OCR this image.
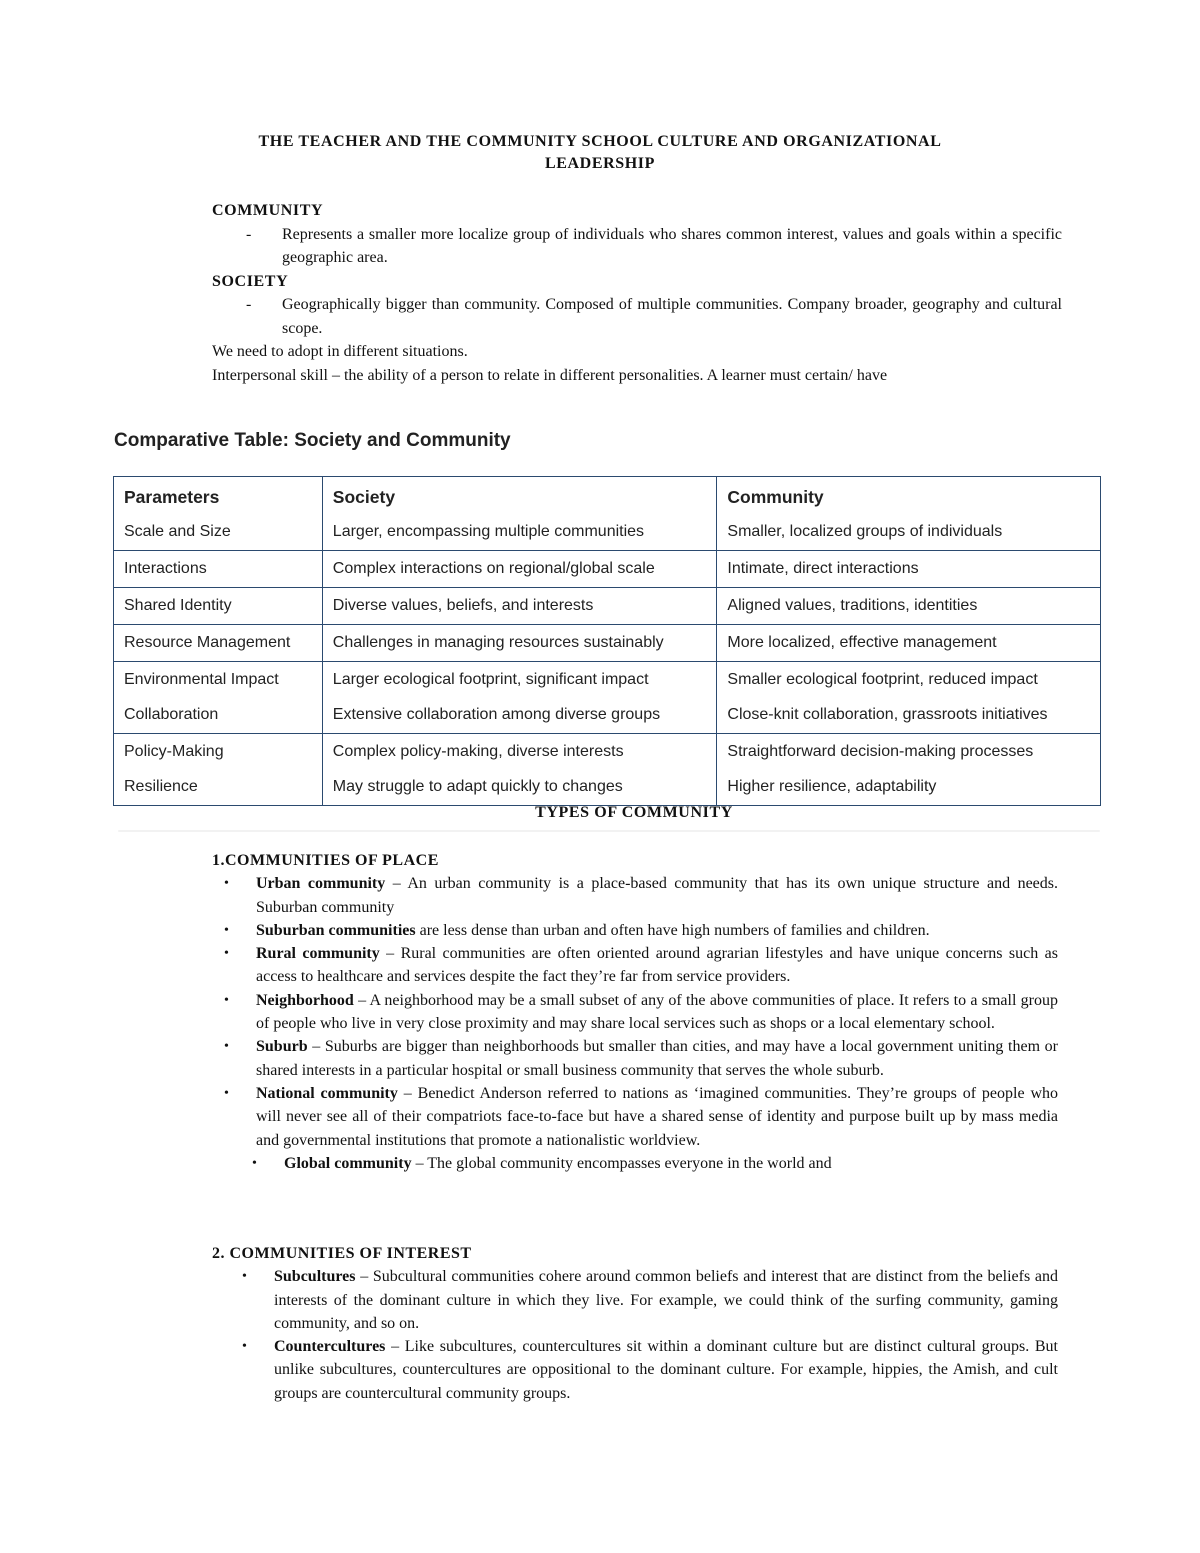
THE TEACHER AND THE COMMUNITY SCHOOL CULTURE AND ORGANIZATIONAL
LEADERSHIP
COMMUNITY
-	Represents a smaller more localize group of individuals who shares common interest, values and goals within a specific geographic area.
SOCIETY
-	Geographically bigger than community. Composed of multiple communities. Company broader, geography and cultural scope.

We need to adopt in different situations.

Interpersonal skill – the ability of a person to relate in different personalities. A learner must certain/ have

Comparative Table: Society and Community
Parameters	Society	Community
Scale and Size	Larger, encompassing multiple communities	Smaller, localized groups of individuals
Interactions	Complex interactions on regional/global scale	Intimate, direct interactions
Shared Identity	Diverse values, beliefs, and interests	Aligned values, traditions, identities
Resource Management	Challenges in managing resources sustainably	More localized, effective management
Environmental Impact	Larger ecological footprint, significant impact	Smaller ecological footprint, reduced impact
Collaboration	Extensive collaboration among diverse groups	Close-knit collaboration, grassroots initiatives
Policy-Making	Complex policy-making, diverse interests	Straightforward decision-making processes
Resilience	May struggle to adapt quickly to changes	Higher resilience, adaptability
TYPES OF COMMUNITY
1.COMMUNITIES OF PLACE
•	Urban community – An urban community is a place-based community that has its own unique structure and needs. Suburban community
•	Suburban communities are less dense than urban and often have high numbers of families and children.
•	Rural community – Rural communities are often oriented around agrarian lifestyles and have unique concerns such as access to healthcare and services despite the fact they’re far from service providers.
•	Neighborhood – A neighborhood may be a small subset of any of the above communities of place. It refers to a small group of people who live in very close proximity and may share local services such as shops or a local elementary school.
•	Suburb – Suburbs are bigger than neighborhoods but smaller than cities, and may have a local government uniting them or shared interests in a particular hospital or small business community that serves the whole suburb.
•	National community – Benedict Anderson referred to nations as ‘imagined communities. They’re groups of people who will never see all of their compatriots face-to-face but have a shared sense of identity and purpose built up by mass media and governmental institutions that promote a nationalistic worldview.
•	Global community – The global community encompasses everyone in the world and
2. COMMUNITIES OF INTEREST
•	Subcultures – Subcultural communities cohere around common beliefs and interest that are distinct from the beliefs and interests of the dominant culture in which they live. For example, we could think of the surfing community, gaming community, and so on.
•	Countercultures – Like subcultures, countercultures sit within a dominant culture but are distinct cultural groups. But unlike subcultures, countercultures are oppositional to the dominant culture. For example, hippies, the Amish, and cult groups are countercultural community groups.
